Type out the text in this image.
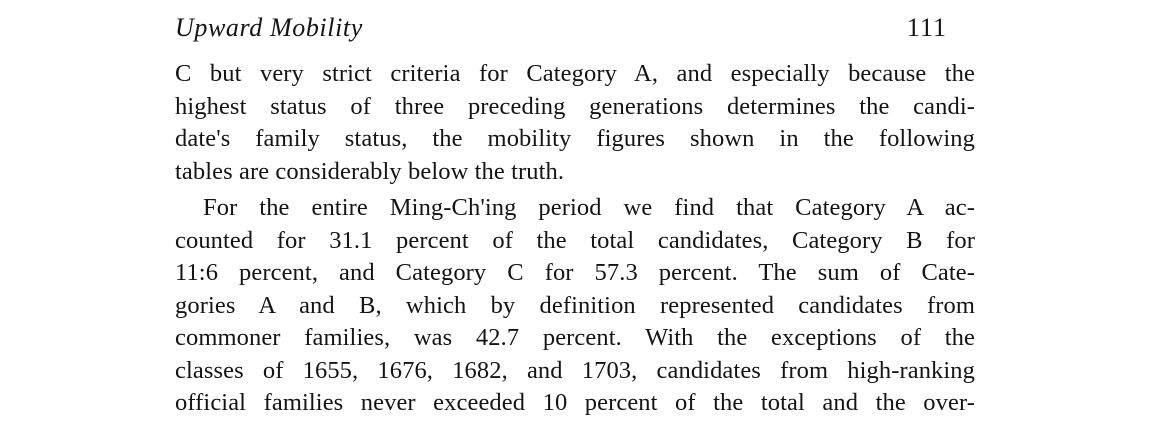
Upward Mobility	111
C but very strict criteria for Category A, and especially because the
highest status of three preceding generations determines the candi-
date's family status, the mobility figures shown in the following
tables are considerably below the truth.
For the entire Ming-Ch'ing period we find that Category A ac-
counted for 31.1 percent of the total candidates, Category B for
11:6 percent, and Category C for 57.3 percent. The sum of Cate-
gories A and B, which by definition represented candidates from
commoner families, was 42.7 percent. With the exceptions of the
classes of 1655, 1676, 1682, and 1703, candidates from high-ranking
official families never exceeded 10 percent of the total and the over-
